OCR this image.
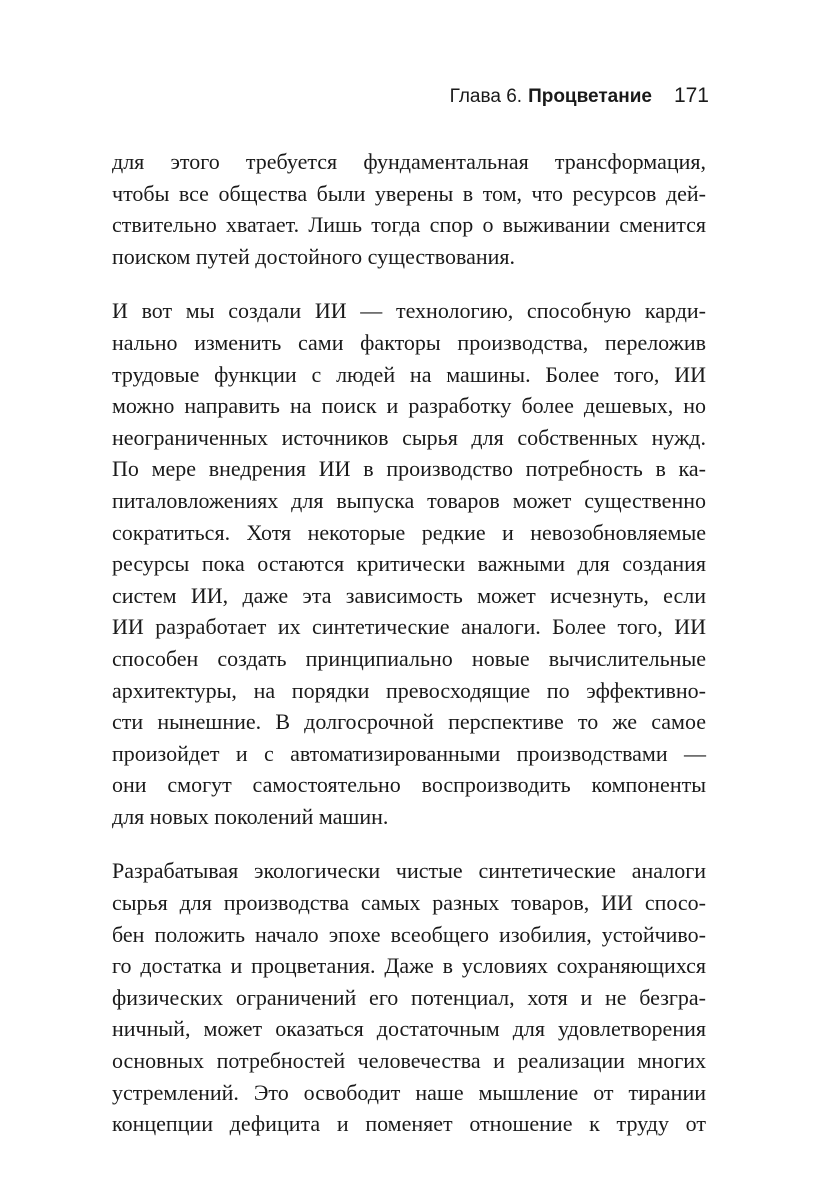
Глава 6. Процветание 171

для этого требуется фундаментальная трансформация,
чтобы все общества были уверены в том, что ресурсов дей-
ствительно хватает. Лишь тогда спор о выживании сменится
поиском путей достойного существования.

И вот мы создали ИИ — технологию, способную карди-
нально изменить сами факторы производства, переложив
трудовые функции с людей на машины. Более того, ИИ
можно направить на поиск и разработку более дешевых, но
неограниченных источников сырья для собственных нужд.
По мере внедрения ИИ в производство потребность в ка-
питаловложениях для выпуска товаров может существенно
сократиться. Хотя некоторые редкие и невозобновляемые
ресурсы пока остаются критически важными для создания
систем ИИ, даже эта зависимость может исчезнуть, если
ИИ разработает их синтетические аналоги. Более того, ИИ
способен создать принципиально новые вычислительные
архитектуры, на порядки превосходящие по эффективно-
сти нынешние. В долгосрочной перспективе то же самое
произойдет и с автоматизированными производствами —
они смогут самостоятельно воспроизводить компоненты
для новых поколений машин.

Разрабатывая экологически чистые синтетические аналоги
сырья для производства самых разных товаров, ИИ спосо-
бен положить начало эпохе всеобщего изобилия, устойчиво-
го достатка и процветания. Даже в условиях сохраняющихся
физических ограничений его потенциал, хотя и не безгра-
ничный, может оказаться достаточным для удовлетворения
основных потребностей человечества и реализации многих
устремлений. Это освободит наше мышление от тирании
концепции дефицита и поменяет отношение к труду от
